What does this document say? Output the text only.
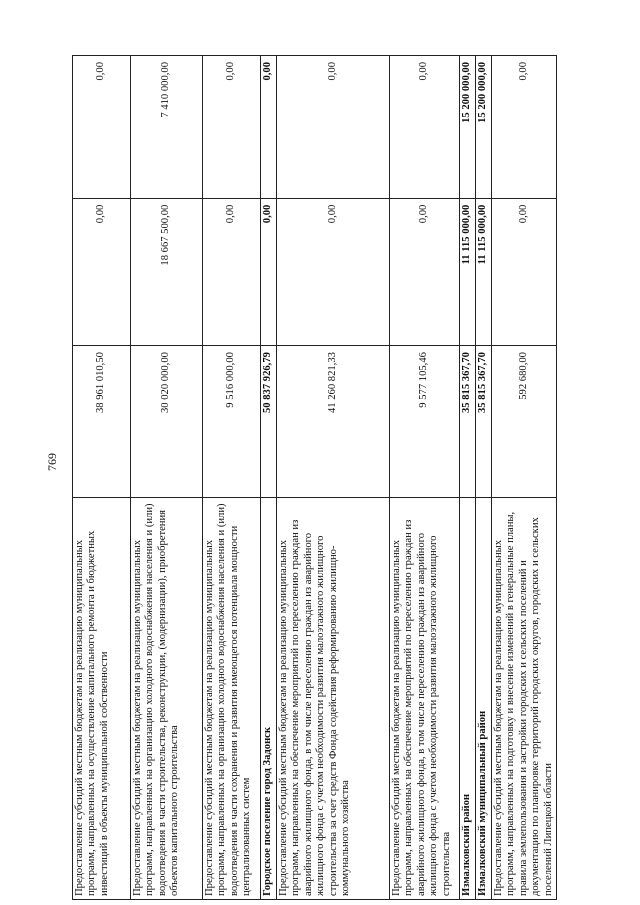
769
Предоставление субсидий местным бюджетам на реализацию муниципальных программ, направленных на осуществление капитального ремонта и бюджетных инвестиций в объекты муниципальной собственности	38 961 010,50	0,00	0,00
Предоставление субсидий местным бюджетам на реализацию муниципальных программ, направленных на организацию холодного водоснабжения населения и (или) водоотведения в части строительства, реконструкции, (модернизации), приобретения объектов капитального строительства	30 020 000,00	18 667 500,00	7 410 000,00
Предоставление субсидий местным бюджетам на реализацию муниципальных программ, направленных на организацию холодного водоснабжения населения и (или) водоотведения в части сохранения и развития имеющегося потенциала мощности централизованных систем	9 516 000,00	0,00	0,00
Городское поселение город Задонск	50 837 926,79	0,00	0,00
Предоставление субсидий местным бюджетам на реализацию муниципальных программ, направленных на обеспечение мероприятий по переселению граждан из аварийного жилищного фонда, в том числе переселению граждан из аварийного жилищного фонда с учетом необходимости развития малоэтажного жилищного строительства за счет средств Фонда содействия реформированию жилищно-коммунального хозяйства	41 260 821,33	0,00	0,00
Предоставление субсидий местным бюджетам на реализацию муниципальных программ, направленных на обеспечение мероприятий по переселению граждан из аварийного жилищного фонда, в том числе переселению граждан из аварийного жилищного фонда с учетом необходимости развития малоэтажного жилищного строительства	9 577 105,46	0,00	0,00
Измалковский район	35 815 367,70	11 115 000,00	15 200 000,00
Измалковский муниципальный район	35 815 367,70	11 115 000,00	15 200 000,00
Предоставление субсидий местным бюджетам на реализацию муниципальных программ, направленных на подготовку и внесение изменений в генеральные планы, правила землепользования и застройки городских и сельских поселений и документацию по планировке территорий городских округов, городских и сельских поселений Липецкой области	592 680,00	0,00	0,00
